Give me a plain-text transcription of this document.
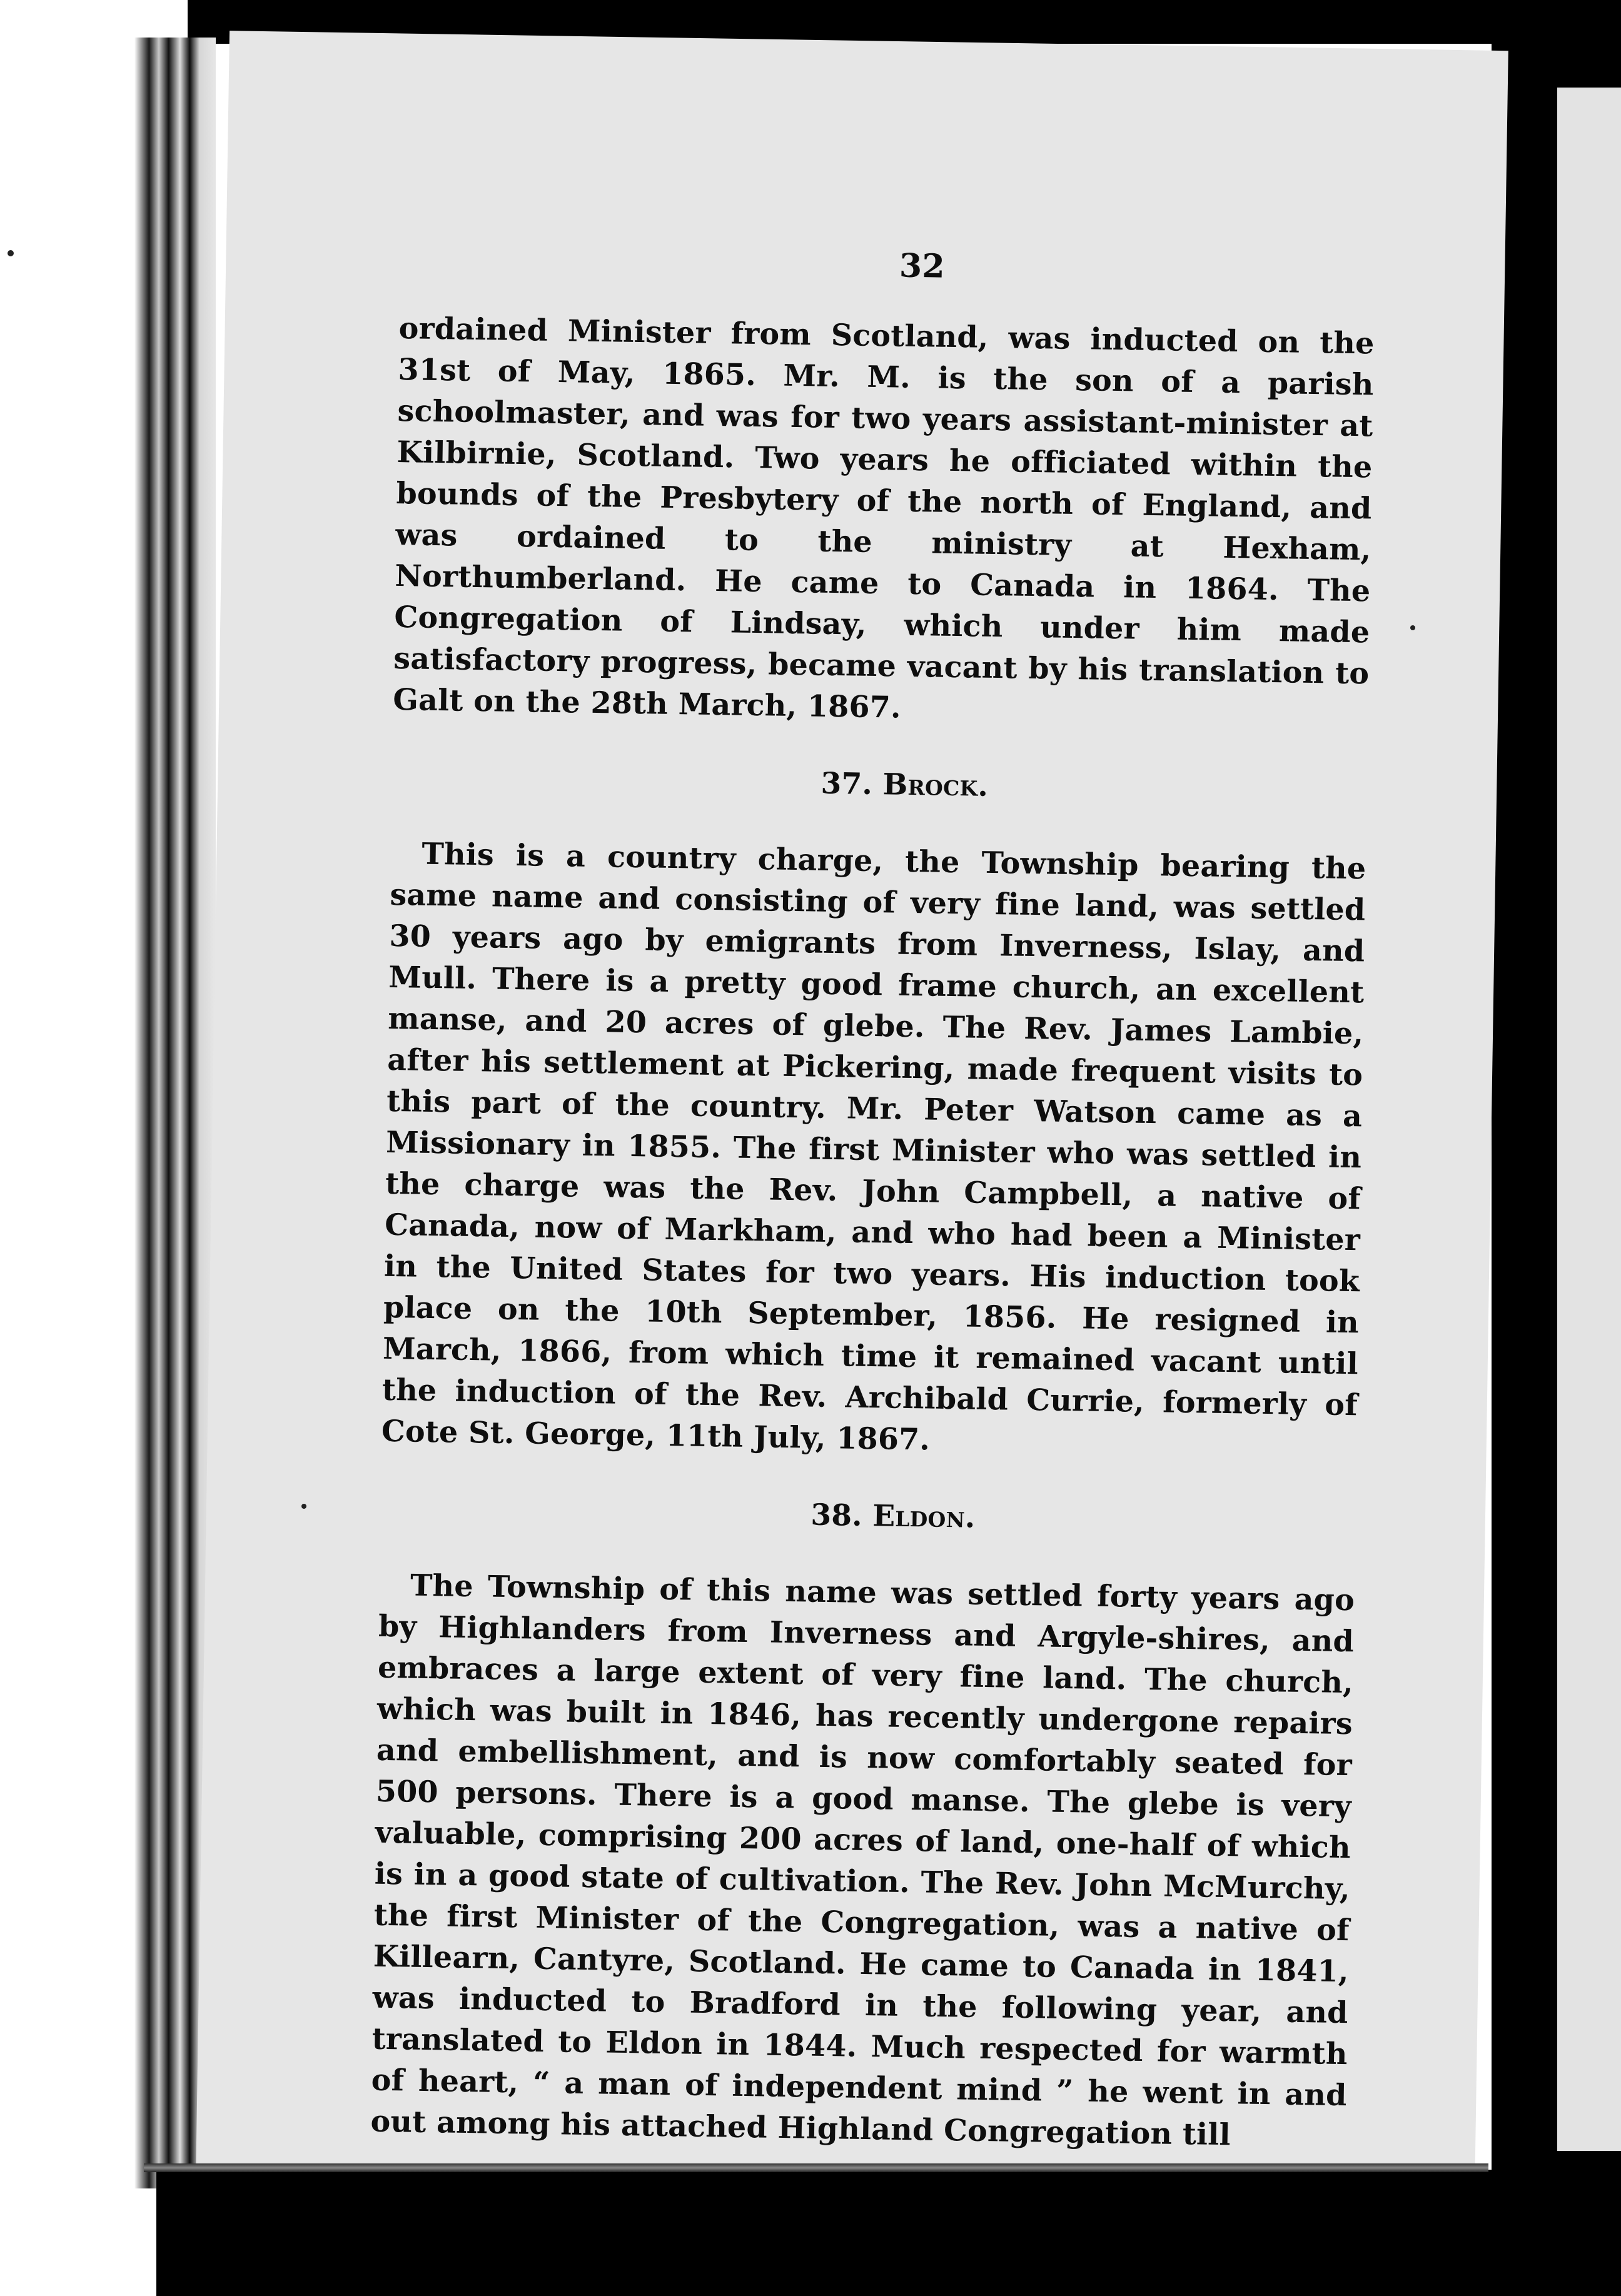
32

ordained Minister from Scotland, was inducted on the 31st of May, 1865. Mr. M. is the son of a parish schoolmaster, and was for two years assistant-minister at Kilbirnie, Scotland. Two years he officiated within the bounds of the Presbytery of the north of England, and was ordained to the ministry at Hexham, Northumberland. He came to Canada in 1864. The Congregation of Lindsay, which under him made satisfactory progress, became vacant by his translation to Galt on the 28th March, 1867.

37. Brock.

This is a country charge, the Township bearing the same name and consisting of very fine land, was settled 30 years ago by emigrants from Inverness, Islay, and Mull. There is a pretty good frame church, an excellent manse, and 20 acres of glebe. The Rev. James Lambie, after his settlement at Pickering, made frequent visits to this part of the country. Mr. Peter Watson came as a Missionary in 1855. The first Minister who was settled in the charge was the Rev. John Campbell, a native of Canada, now of Markham, and who had been a Minister in the United States for two years. His induction took place on the 10th September, 1856. He resigned in March, 1866, from which time it remained vacant until the induction of the Rev. Archibald Currie, formerly of Cote St. George, 11th July, 1867.

38. Eldon.

The Township of this name was settled forty years ago by Highlanders from Inverness and Argyle-shires, and embraces a large extent of very fine land. The church, which was built in 1846, has recently undergone repairs and embellishment, and is now comfortably seated for 500 persons. There is a good manse. The glebe is very valuable, comprising 200 acres of land, one-half of which is in a good state of cultivation. The Rev. John McMurchy, the first Minister of the Congregation, was a native of Killearn, Cantyre, Scotland. He came to Canada in 1841, was inducted to Bradford in the following year, and translated to Eldon in 1844. Much respected for warmth of heart, “ a man of independent mind ” he went in and out among his attached Highland Congregation till
